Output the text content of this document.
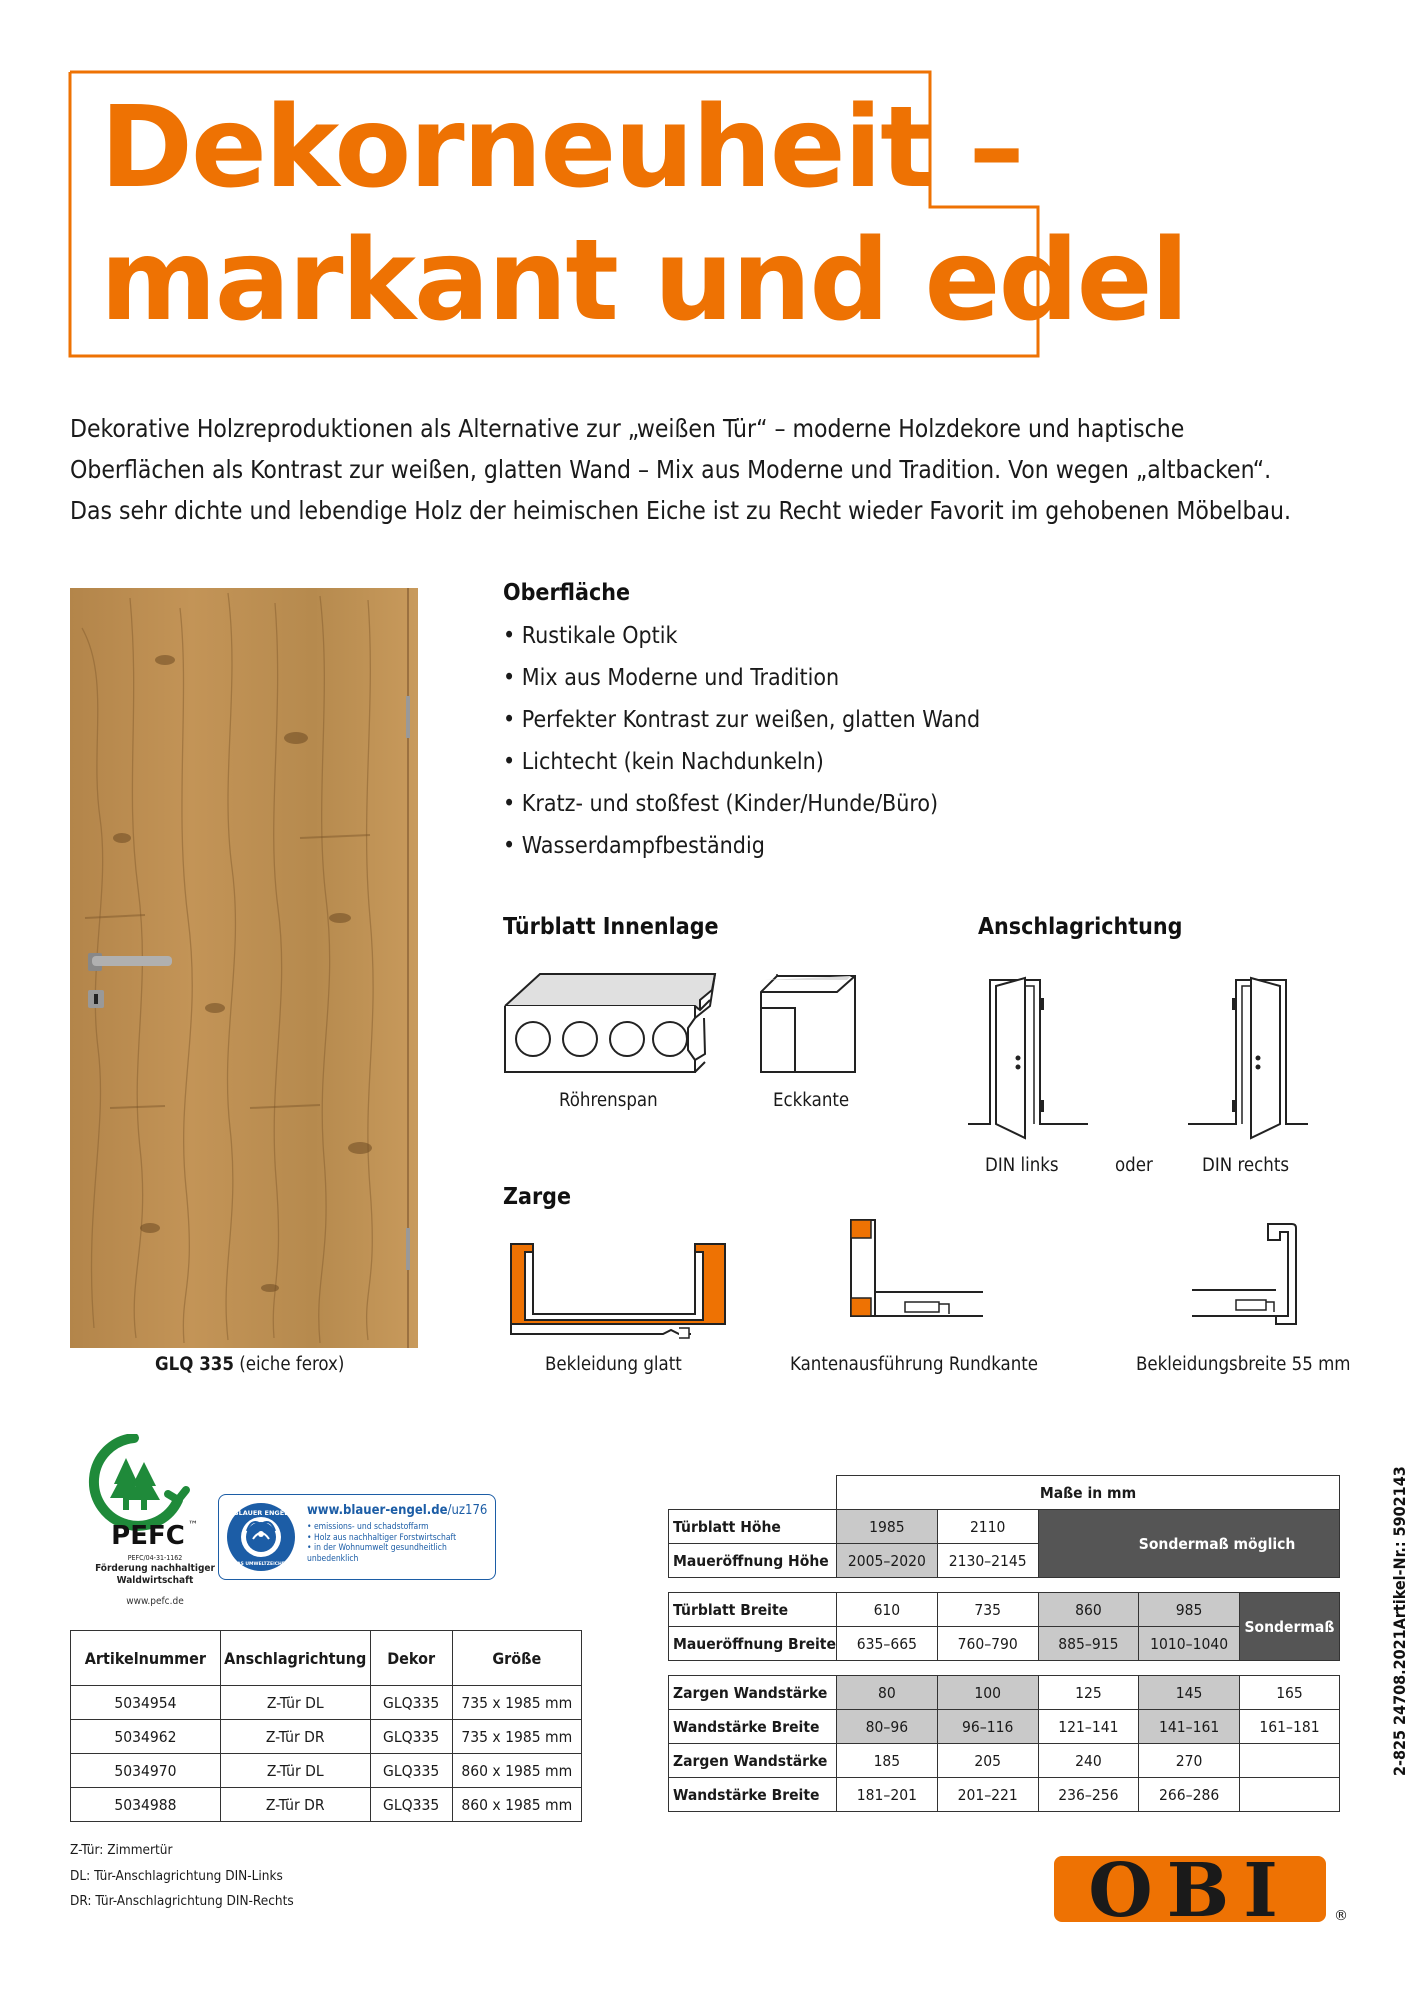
Dekorneuheit –
markant und edel

Dekorative Holzreproduktionen als Alternative zur „weißen Tür“ – moderne Holzdekore und haptische

Oberflächen als Kontrast zur weißen, glatten Wand – Mix aus Moderne und Tradition. Von wegen „altbacken“.

Das sehr dichte und lebendige Holz der heimischen Eiche ist zu Recht wieder Favorit im gehobenen Möbelbau.

GLQ 335 (eiche ferox)
Oberfläche
• Rustikale Optik
• Mix aus Moderne und Tradition
• Perfekter Kontrast zur weißen, glatten Wand
• Lichtecht (kein Nachdunkeln)
• Kratz- und stoßfest (Kinder/Hunde/Büro)
• Wasserdampfbeständig
Türblatt Innenlage
Röhrenspan	Eckkante
Anschlagrichtung
DIN links	oder	DIN rechts
Zarge
Bekleidung glatt	Kantenausführung Rundkante	Bekleidungsbreite 55 mm
PEFC ™
PEFC/04-31-1162
Förderung nachhaltiger
Waldwirtschaft
www.pefc.de
BLAUER ENGEL
DAS UMWELTZEICHEN
www.blauer-engel.de/uz176
• emissions- und schadstoffarm
• Holz aus nachhaltiger Forstwirtschaft
• in der Wohnumwelt gesundheitlich unbedenklich
Artikelnummer	Anschlagrichtung	Dekor	Größe
5034954	Z-Tür DL	GLQ335	735 x 1985 mm
5034962	Z-Tür DR	GLQ335	735 x 1985 mm
5034970	Z-Tür DL	GLQ335	860 x 1985 mm
5034988	Z-Tür DR	GLQ335	860 x 1985 mm
	Maße in mm				
Türblatt Höhe	1985	2110	Sondermaß möglich		
Maueröffnung Höhe	2005–2020	2130–2145			

Türblatt Breite	610	735	860	985	Sondermaß möglich
Maueröffnung Breite	635–665	760–790	885–915	1010–1040	

Zargen Wandstärke	80	100	125	145	165
Wandstärke Breite	80–96	96–116	121–141	141–161	161–181
Zargen Wandstärke	185	205	240	270	
Wandstärke Breite	181–201	201–221	236–256	266–286	
2-825 247
08.2021
Artikel-Nr.: 5902143
Z-Tür: Zimmertür
DL: Tür-Anschlagrichtung DIN-Links
DR: Tür-Anschlagrichtung DIN-Rechts	OBI	®
